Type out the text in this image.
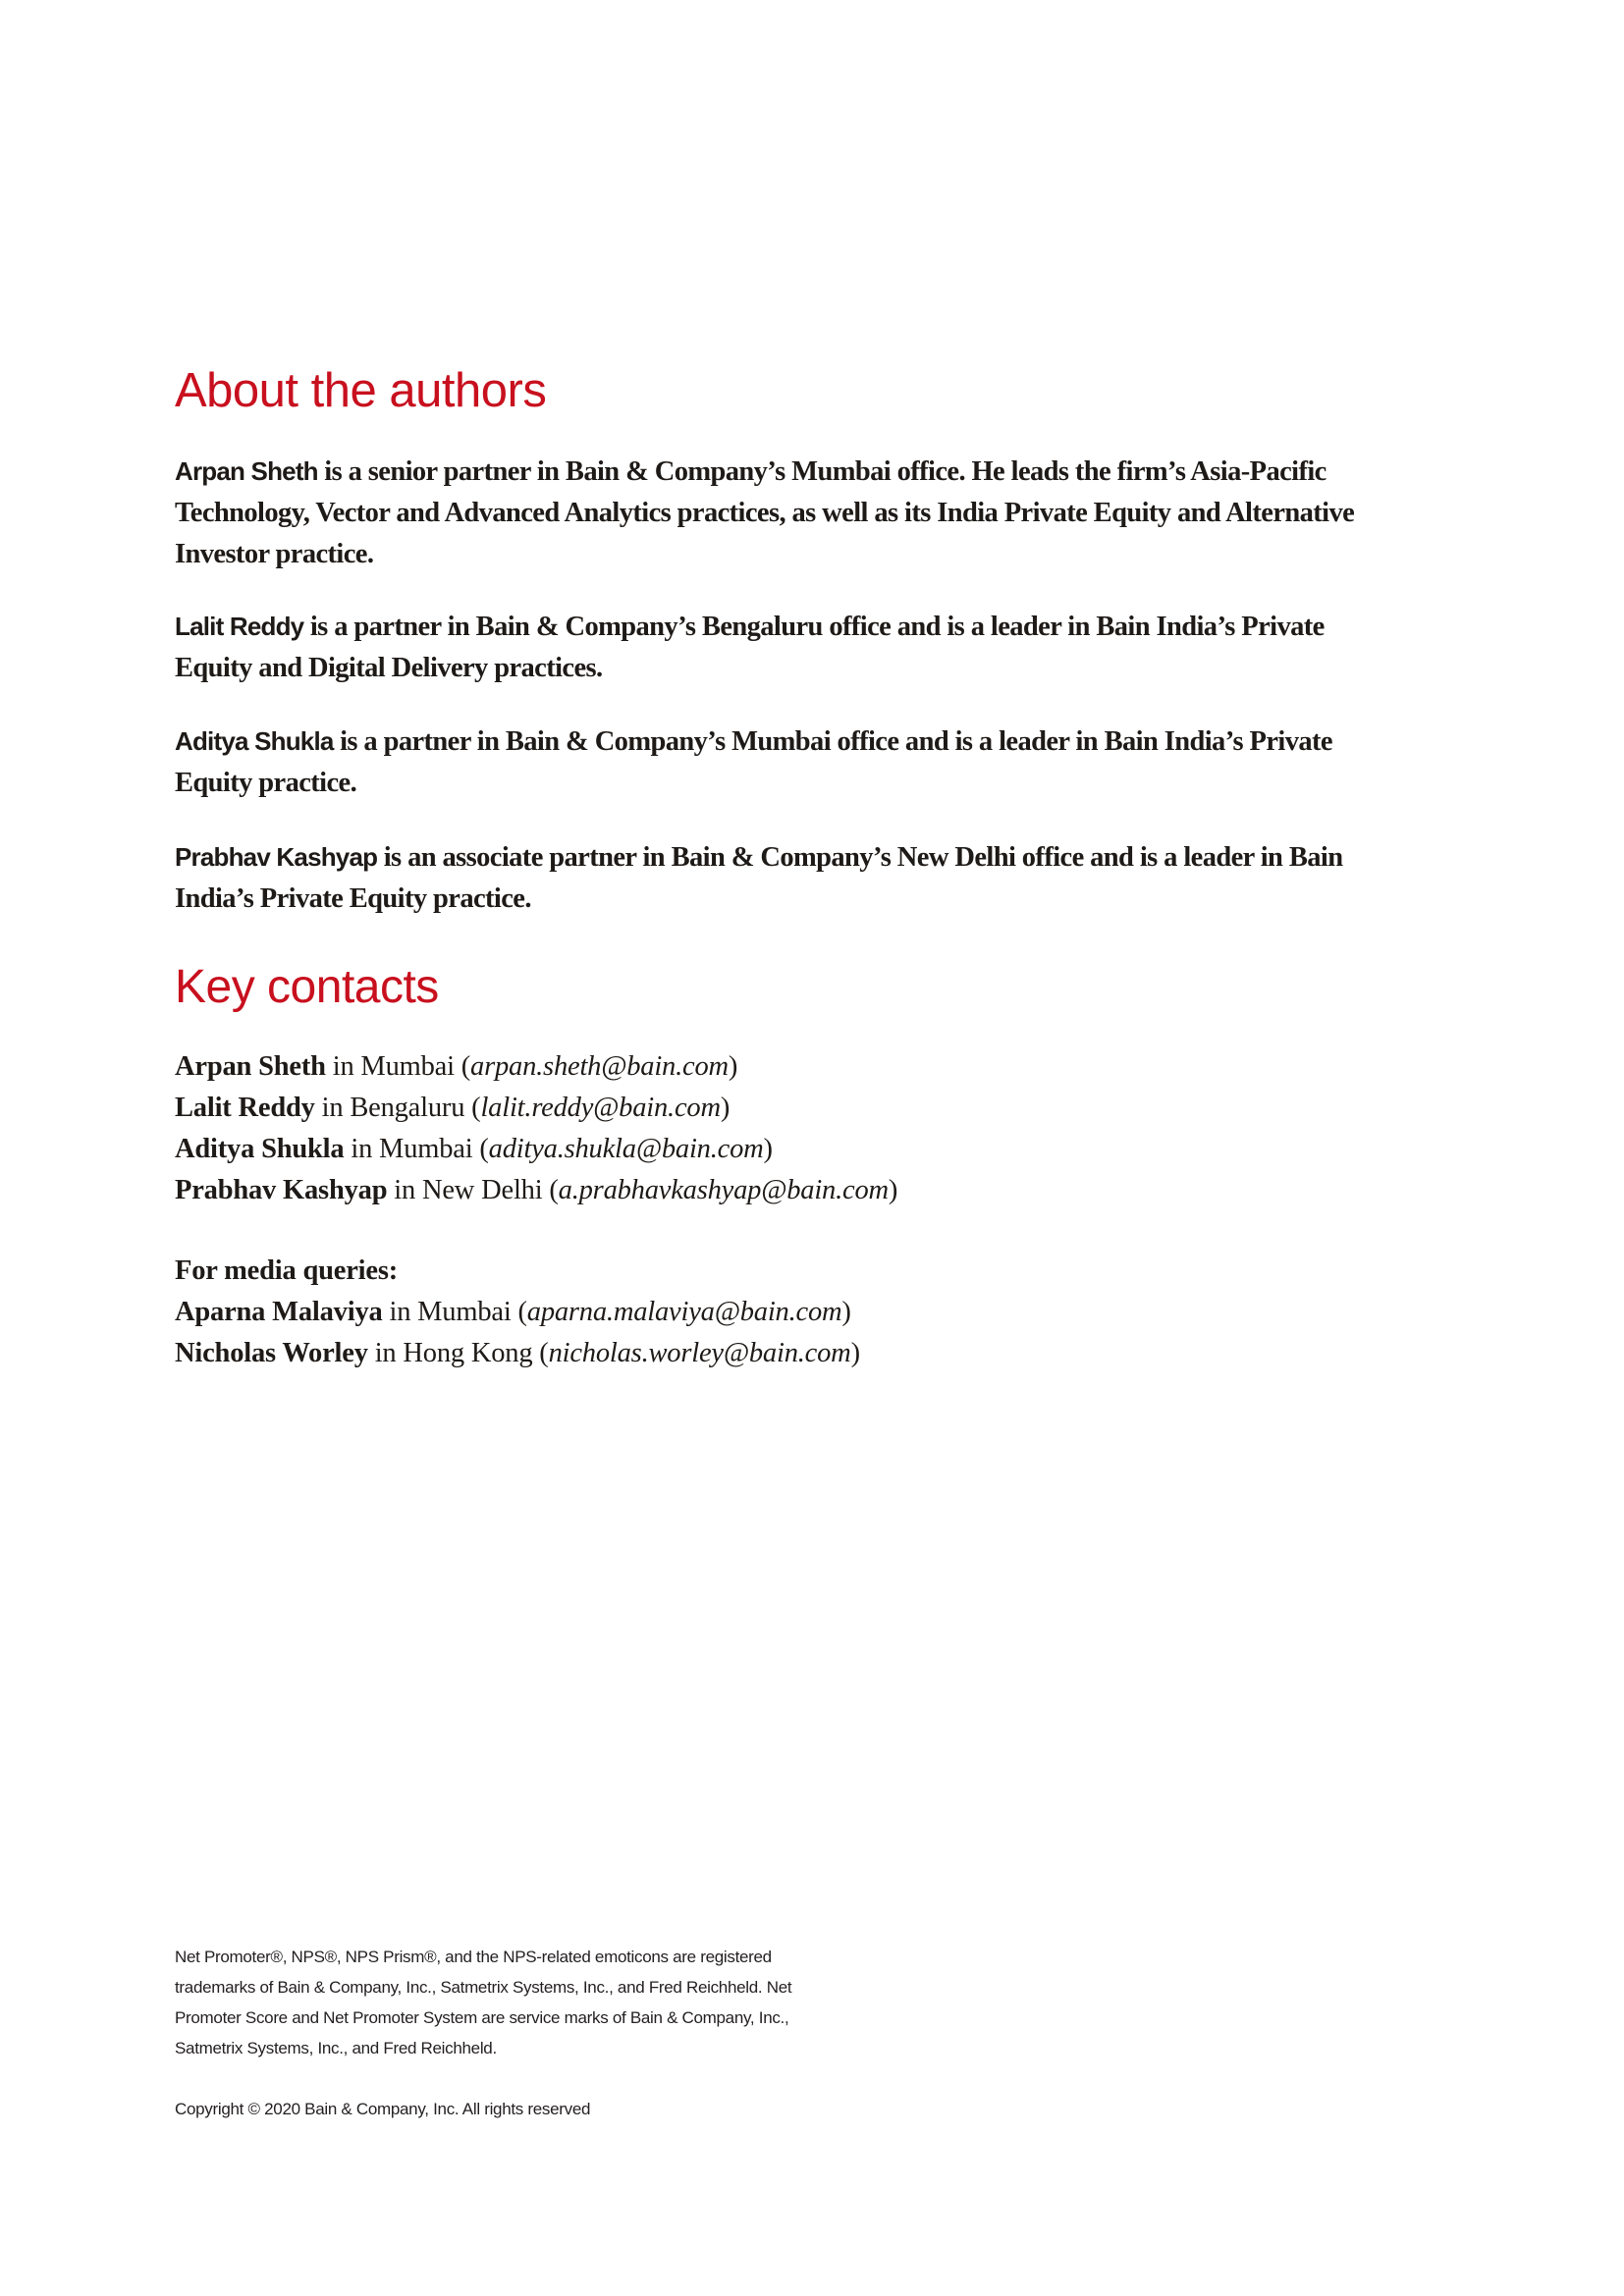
About the authors
Arpan Sheth is a senior partner in Bain & Company’s Mumbai office. He leads the firm’s Asia-Pacific
Technology, Vector and Advanced Analytics practices, as well as its India Private Equity and Alternative
Investor practice.
Lalit Reddy is a partner in Bain & Company’s Bengaluru office and is a leader in Bain India’s Private
Equity and Digital Delivery practices.
Aditya Shukla is a partner in Bain & Company’s Mumbai office and is a leader in Bain India’s Private
Equity practice.
Prabhav Kashyap is an associate partner in Bain & Company’s New Delhi office and is a leader in Bain
India’s Private Equity practice.
Key contacts
Arpan Sheth in Mumbai (arpan.sheth@bain.com)
Lalit Reddy in Bengaluru (lalit.reddy@bain.com)
Aditya Shukla in Mumbai (aditya.shukla@bain.com)
Prabhav Kashyap in New Delhi (a.prabhavkashyap@bain.com)
For media queries:
Aparna Malaviya in Mumbai (aparna.malaviya@bain.com)
Nicholas Worley in Hong Kong (nicholas.worley@bain.com)
Net Promoter®, NPS®, NPS Prism®, and the NPS-related emoticons are registered
trademarks of Bain & Company, Inc., Satmetrix Systems, Inc., and Fred Reichheld. Net
Promoter Score and Net Promoter System are service marks of Bain & Company, Inc.,
Satmetrix Systems, Inc., and Fred Reichheld.
Copyright © 2020 Bain & Company, Inc. All rights reserved
